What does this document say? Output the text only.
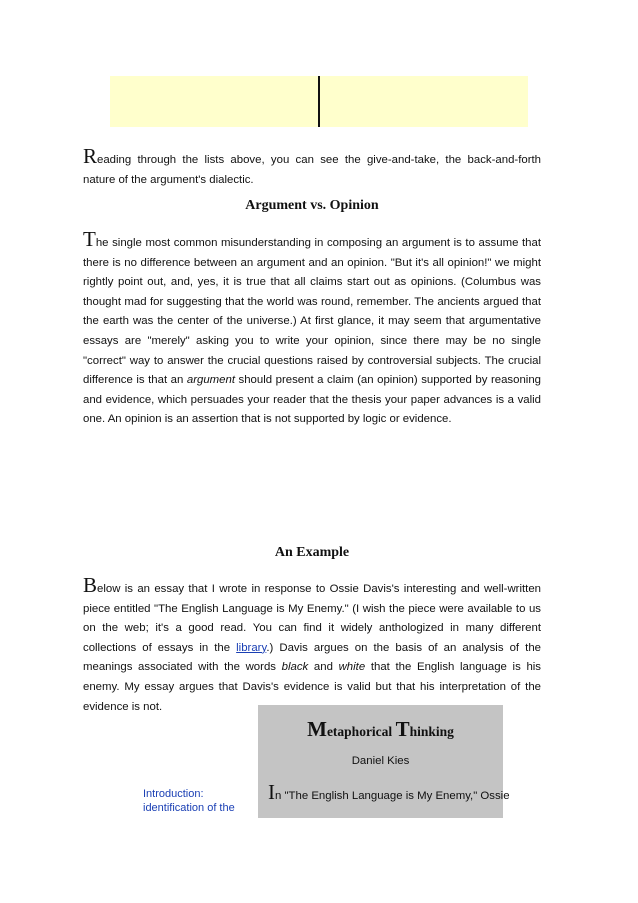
Reading through the lists above, you can see the give-and-take, the back-and-forth nature of the argument's dialectic.

Argument vs. Opinion

The single most common misunderstanding in composing an argument is to assume that there is no difference between an argument and an opinion. "But it's all opinion!" we might rightly point out, and, yes, it is true that all claims start out as opinions. (Columbus was thought mad for suggesting that the world was round, remember. The ancients argued that the earth was the center of the universe.) At first glance, it may seem that argumentative essays are "merely" asking you to write your opinion, since there may be no single "correct" way to answer the crucial questions raised by controversial subjects. The crucial difference is that an argument should present a claim (an opinion) supported by reasoning and evidence, which persuades your reader that the thesis your paper advances is a valid one. An opinion is an assertion that is not supported by logic or evidence.

An Example

Below is an essay that I wrote in response to Ossie Davis's interesting and well-written piece entitled "The English Language is My Enemy." (I wish the piece were available to us on the web; it's a good read. You can find it widely anthologized in many different collections of essays in the library.) Davis argues on the basis of an analysis of the meanings associated with the words black and white that the English language is his enemy. My essay argues that Davis's evidence is valid but that his interpretation of the evidence is not.

Metaphorical Thinking

Daniel Kies

In "The English Language is My Enemy," Ossie

Introduction:
identification of the
